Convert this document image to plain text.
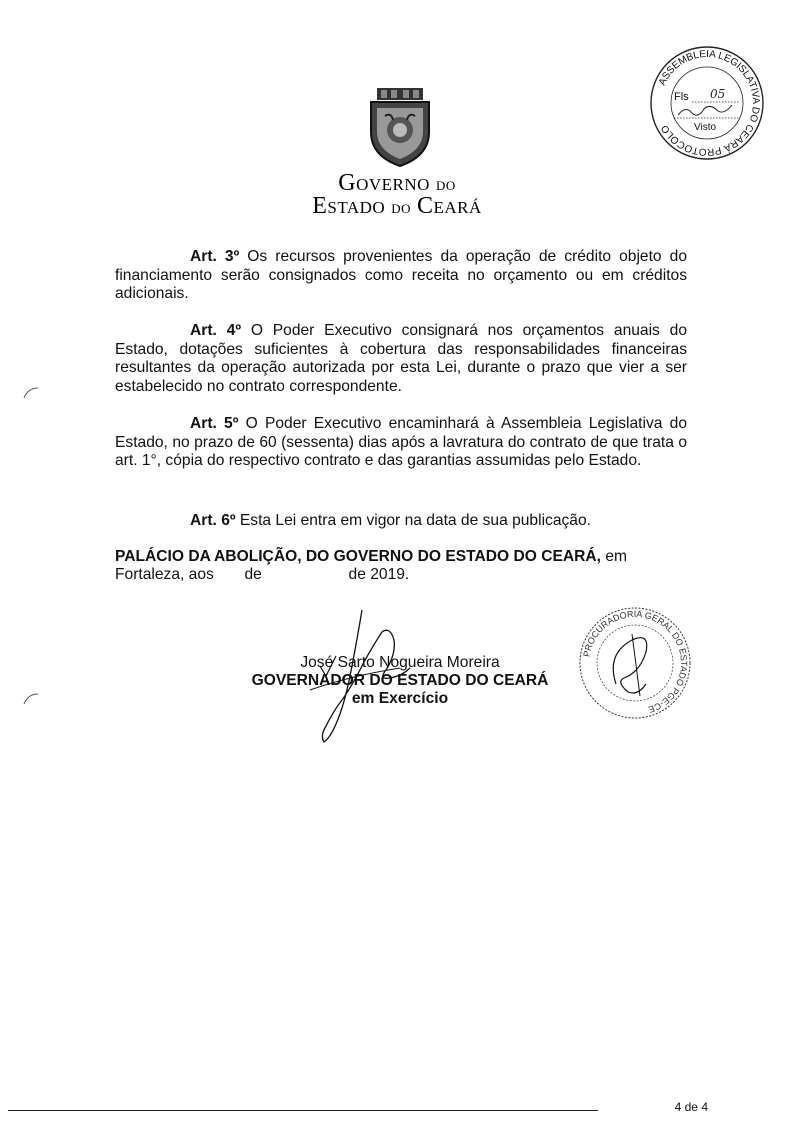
Governo do
Estado do Ceará
ASSEMBLEIA LEGISLATIVA DO CEARÁ PROTOCOLO
Fls 05
Visto
Art. 3º Os recursos provenientes da operação de crédito objeto do financiamento serão consignados como receita no orçamento ou em créditos adicionais.
Art. 4º O Poder Executivo consignará nos orçamentos anuais do Estado, dotações suficientes à cobertura das responsabilidades financeiras resultantes da operação autorizada por esta Lei, durante o prazo que vier a ser estabelecido no contrato correspondente.
Art. 5º O Poder Executivo encaminhará à Assembleia Legislativa do Estado, no prazo de 60 (sessenta) dias após a lavratura do contrato de que trata o art. 1°, cópia do respectivo contrato e das garantias assumidas pelo Estado.
Art. 6º Esta Lei entra em vigor na data de sua publicação.
PALÁCIO DA ABOLIÇÃO, DO GOVERNO DO ESTADO DO CEARÁ, em
Fortaleza, aos de	de 2019.
José Sarto Nogueira Moreira
GOVERNADOR DO ESTADO DO CEARÁ
em Exercício
PROCURADORIA GERAL DO ESTADO PGE-CE
4 de 4
